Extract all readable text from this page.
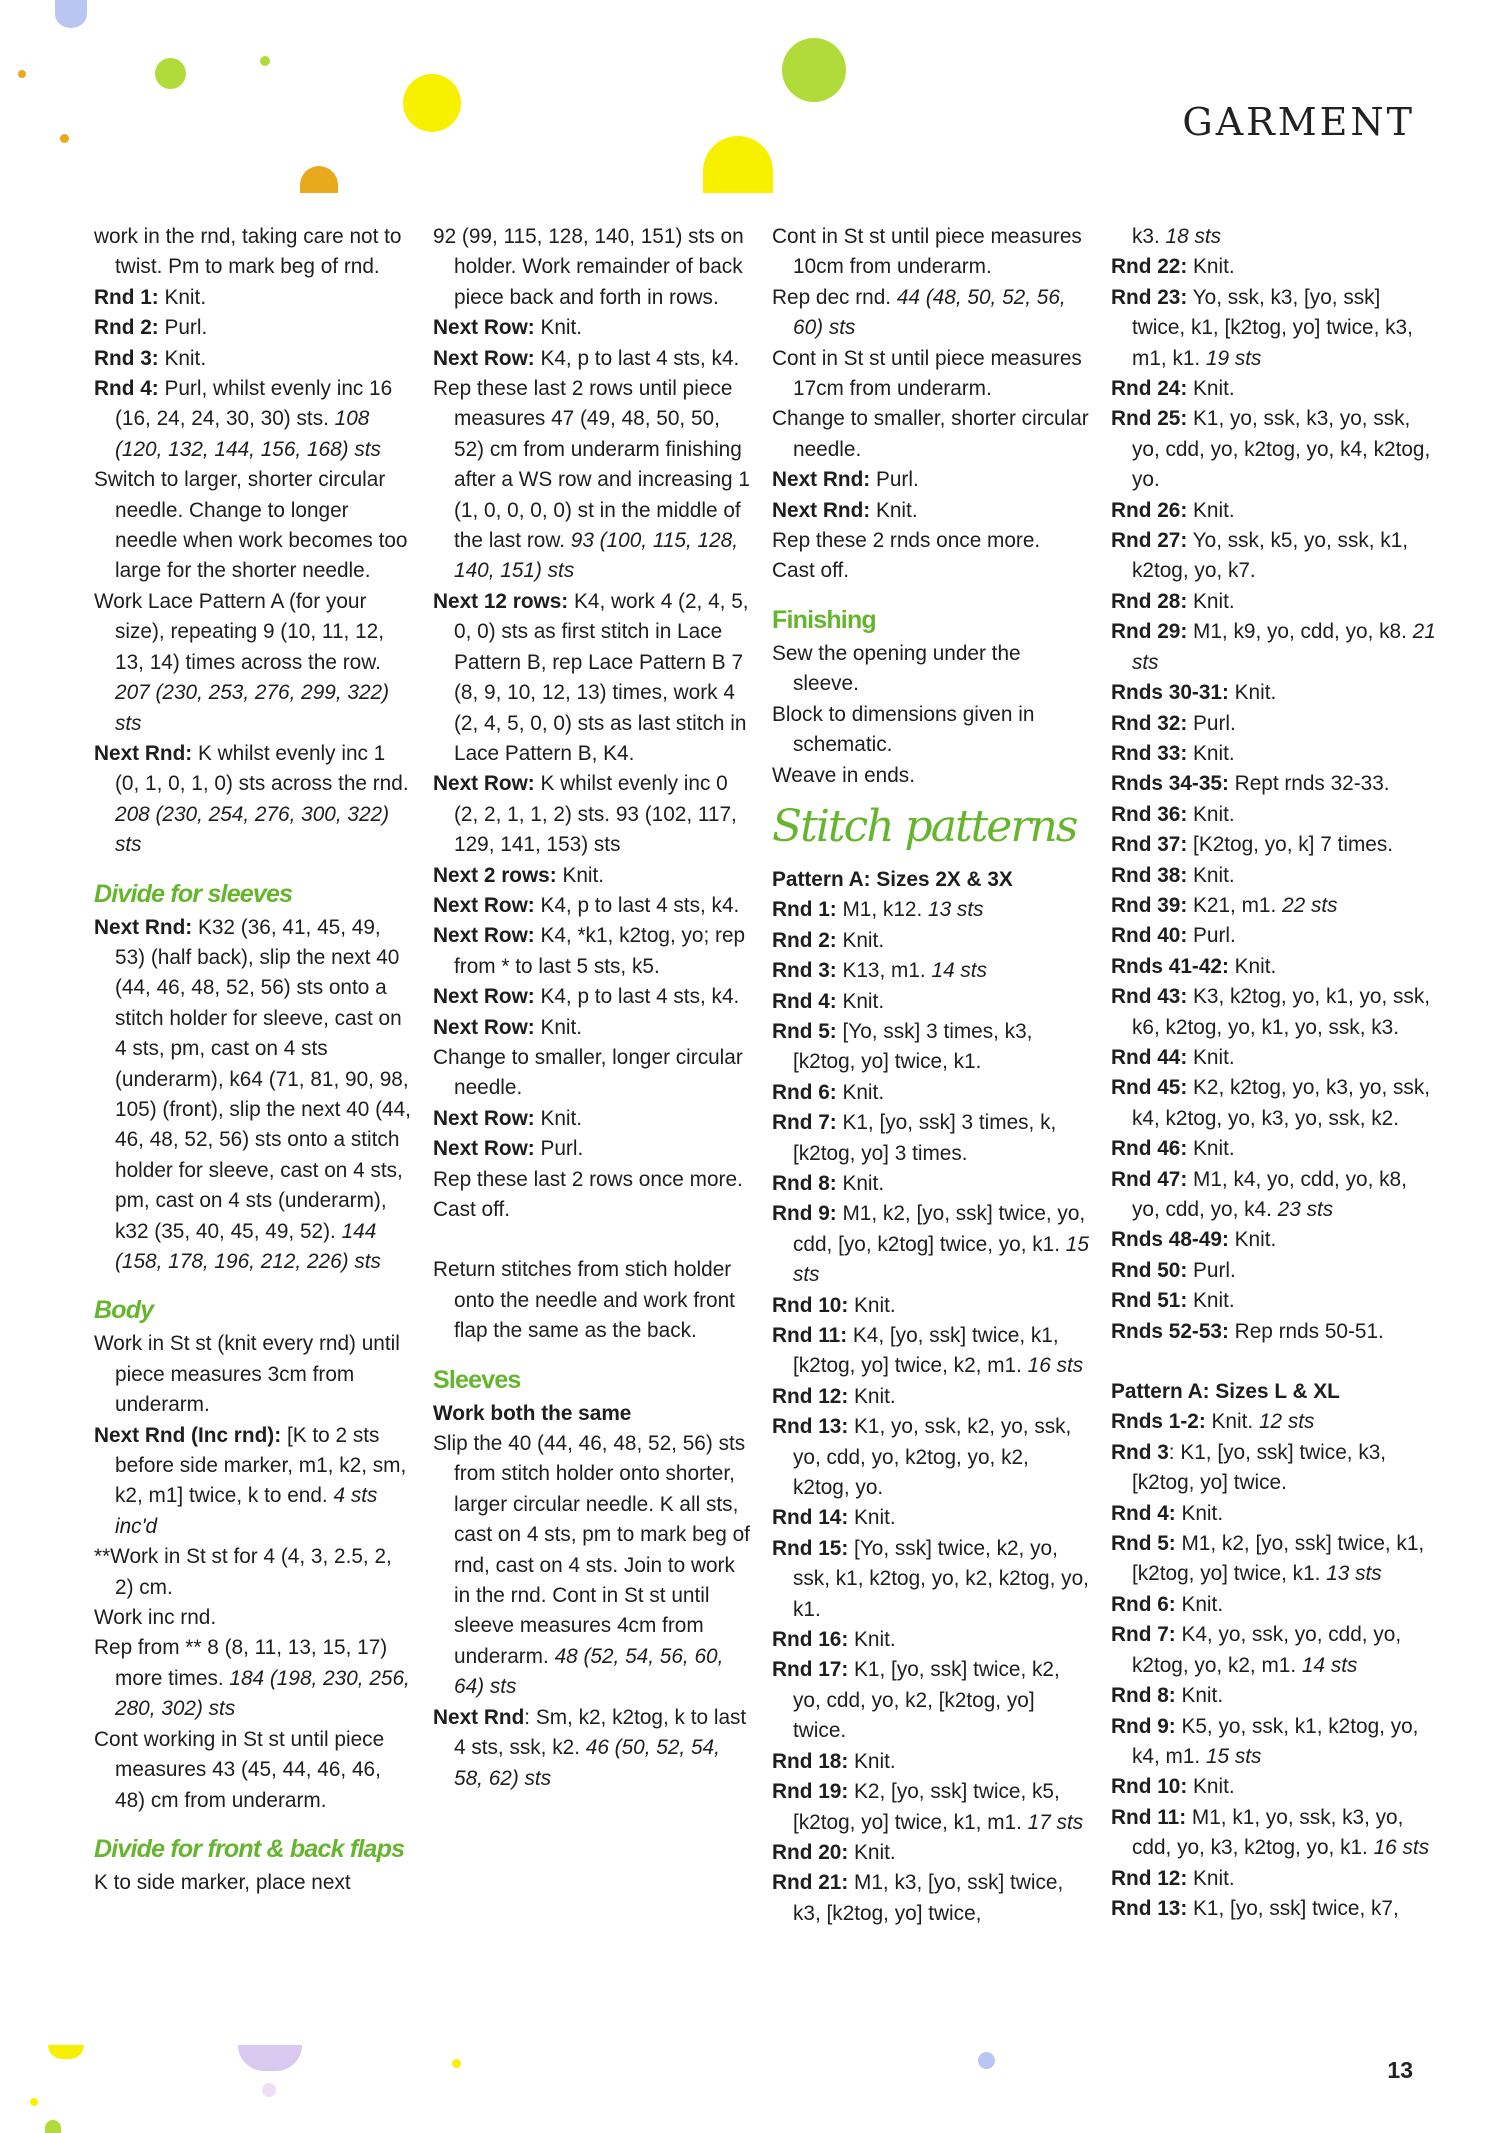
GARMENT

work in the rnd, taking care not to twist. Pm to mark beg of rnd.

Rnd 1: Knit.

Rnd 2: Purl.

Rnd 3: Knit.

Rnd 4: Purl, whilst evenly inc 16 (16, 24, 24, 30, 30) sts. 108 (120, 132, 144, 156, 168) sts

Switch to larger, shorter circular needle. Change to longer needle when work becomes too large for the shorter needle.

Work Lace Pattern A (for your size), repeating 9 (10, 11, 12, 13, 14) times across the row. 207 (230, 253, 276, 299, 322) sts

Next Rnd: K whilst evenly inc 1 (0, 1, 0, 1, 0) sts across the rnd. 208 (230, 254, 276, 300, 322) sts

Divide for sleeves

Next Rnd: K32 (36, 41, 45, 49, 53) (half back), slip the next 40 (44, 46, 48, 52, 56) sts onto a stitch holder for sleeve, cast on 4 sts, pm, cast on 4 sts (underarm), k64 (71, 81, 90, 98, 105) (front), slip the next 40 (44, 46, 48, 52, 56) sts onto a stitch holder for sleeve, cast on 4 sts, pm, cast on 4 sts (underarm), k32 (35, 40, 45, 49, 52). 144 (158, 178, 196, 212, 226) sts

Body

Work in St st (knit every rnd) until piece measures 3cm from underarm.

Next Rnd (Inc rnd): [K to 2 sts before side marker, m1, k2, sm, k2, m1] twice, k to end. 4 sts inc'd

**Work in St st for 4 (4, 3, 2.5, 2, 2) cm.

Work inc rnd.

Rep from ** 8 (8, 11, 13, 15, 17) more times. 184 (198, 230, 256, 280, 302) sts

Cont working in St st until piece measures 43 (45, 44, 46, 46, 48) cm from underarm.

Divide for front & back flaps

K to side marker, place next

92 (99, 115, 128, 140, 151) sts on holder. Work remainder of back piece back and forth in rows.

Next Row: Knit.

Next Row: K4, p to last 4 sts, k4.

Rep these last 2 rows until piece measures 47 (49, 48, 50, 50, 52) cm from underarm finishing after a WS row and increasing 1 (1, 0, 0, 0, 0) st in the middle of the last row. 93 (100, 115, 128, 140, 151) sts

Next 12 rows: K4, work 4 (2, 4, 5, 0, 0) sts as first stitch in Lace Pattern B, rep Lace Pattern B 7 (8, 9, 10, 12, 13) times, work 4 (2, 4, 5, 0, 0) sts as last stitch in Lace Pattern B, K4.

Next Row: K whilst evenly inc 0 (2, 2, 1, 1, 2) sts. 93 (102, 117, 129, 141, 153) sts

Next 2 rows: Knit.

Next Row: K4, p to last 4 sts, k4.

Next Row: K4, *k1, k2tog, yo; rep from * to last 5 sts, k5.

Next Row: K4, p to last 4 sts, k4.

Next Row: Knit.

Change to smaller, longer circular needle.

Next Row: Knit.

Next Row: Purl.

Rep these last 2 rows once more.

Cast off.

Return stitches from stich holder onto the needle and work front flap the same as the back.

Sleeves

Work both the same

Slip the 40 (44, 46, 48, 52, 56) sts from stitch holder onto shorter, larger circular needle. K all sts, cast on 4 sts, pm to mark beg of rnd, cast on 4 sts. Join to work in the rnd. Cont in St st until sleeve measures 4cm from underarm. 48 (52, 54, 56, 60, 64) sts

Next Rnd: Sm, k2, k2tog, k to last 4 sts, ssk, k2. 46 (50, 52, 54, 58, 62) sts

Cont in St st until piece measures 10cm from underarm.

Rep dec rnd. 44 (48, 50, 52, 56, 60) sts

Cont in St st until piece measures 17cm from underarm.

Change to smaller, shorter circular needle.

Next Rnd: Purl.

Next Rnd: Knit.

Rep these 2 rnds once more.

Cast off.

Finishing

Sew the opening under the sleeve.

Block to dimensions given in schematic.

Weave in ends.

Stitch patterns

Pattern A: Sizes 2X & 3X

Rnd 1: M1, k12. 13 sts

Rnd 2: Knit.

Rnd 3: K13, m1. 14 sts

Rnd 4: Knit.

Rnd 5: [Yo, ssk] 3 times, k3, [k2tog, yo] twice, k1.

Rnd 6: Knit.

Rnd 7: K1, [yo, ssk] 3 times, k, [k2tog, yo] 3 times.

Rnd 8: Knit.

Rnd 9: M1, k2, [yo, ssk] twice, yo, cdd, [yo, k2tog] twice, yo, k1. 15 sts

Rnd 10: Knit.

Rnd 11: K4, [yo, ssk] twice, k1, [k2tog, yo] twice, k2, m1. 16 sts

Rnd 12: Knit.

Rnd 13: K1, yo, ssk, k2, yo, ssk, yo, cdd, yo, k2tog, yo, k2, k2tog, yo.

Rnd 14: Knit.

Rnd 15: [Yo, ssk] twice, k2, yo, ssk, k1, k2tog, yo, k2, k2tog, yo, k1.

Rnd 16: Knit.

Rnd 17: K1, [yo, ssk] twice, k2, yo, cdd, yo, k2, [k2tog, yo] twice.

Rnd 18: Knit.

Rnd 19: K2, [yo, ssk] twice, k5, [k2tog, yo] twice, k1, m1. 17 sts

Rnd 20: Knit.

Rnd 21: M1, k3, [yo, ssk] twice, k3, [k2tog, yo] twice,

k3. 18 sts

Rnd 22: Knit.

Rnd 23: Yo, ssk, k3, [yo, ssk] twice, k1, [k2tog, yo] twice, k3, m1, k1. 19 sts

Rnd 24: Knit.

Rnd 25: K1, yo, ssk, k3, yo, ssk, yo, cdd, yo, k2tog, yo, k4, k2tog, yo.

Rnd 26: Knit.

Rnd 27: Yo, ssk, k5, yo, ssk, k1, k2tog, yo, k7.

Rnd 28: Knit.

Rnd 29: M1, k9, yo, cdd, yo, k8. 21 sts

Rnds 30-31: Knit.

Rnd 32: Purl.

Rnd 33: Knit.

Rnds 34-35: Rept rnds 32-33.

Rnd 36: Knit.

Rnd 37: [K2tog, yo, k] 7 times.

Rnd 38: Knit.

Rnd 39: K21, m1. 22 sts

Rnd 40: Purl.

Rnds 41-42: Knit.

Rnd 43: K3, k2tog, yo, k1, yo, ssk, k6, k2tog, yo, k1, yo, ssk, k3.

Rnd 44: Knit.

Rnd 45: K2, k2tog, yo, k3, yo, ssk, k4, k2tog, yo, k3, yo, ssk, k2.

Rnd 46: Knit.

Rnd 47: M1, k4, yo, cdd, yo, k8, yo, cdd, yo, k4. 23 sts

Rnds 48-49: Knit.

Rnd 50: Purl.

Rnd 51: Knit.

Rnds 52-53: Rep rnds 50-51.

Pattern A: Sizes L & XL

Rnds 1-2: Knit. 12 sts

Rnd 3: K1, [yo, ssk] twice, k3, [k2tog, yo] twice.

Rnd 4: Knit.

Rnd 5: M1, k2, [yo, ssk] twice, k1, [k2tog, yo] twice, k1. 13 sts

Rnd 6: Knit.

Rnd 7: K4, yo, ssk, yo, cdd, yo, k2tog, yo, k2, m1. 14 sts

Rnd 8: Knit.

Rnd 9: K5, yo, ssk, k1, k2tog, yo, k4, m1. 15 sts

Rnd 10: Knit.

Rnd 11: M1, k1, yo, ssk, k3, yo, cdd, yo, k3, k2tog, yo, k1. 16 sts

Rnd 12: Knit.

Rnd 13: K1, [yo, ssk] twice, k7,

13
